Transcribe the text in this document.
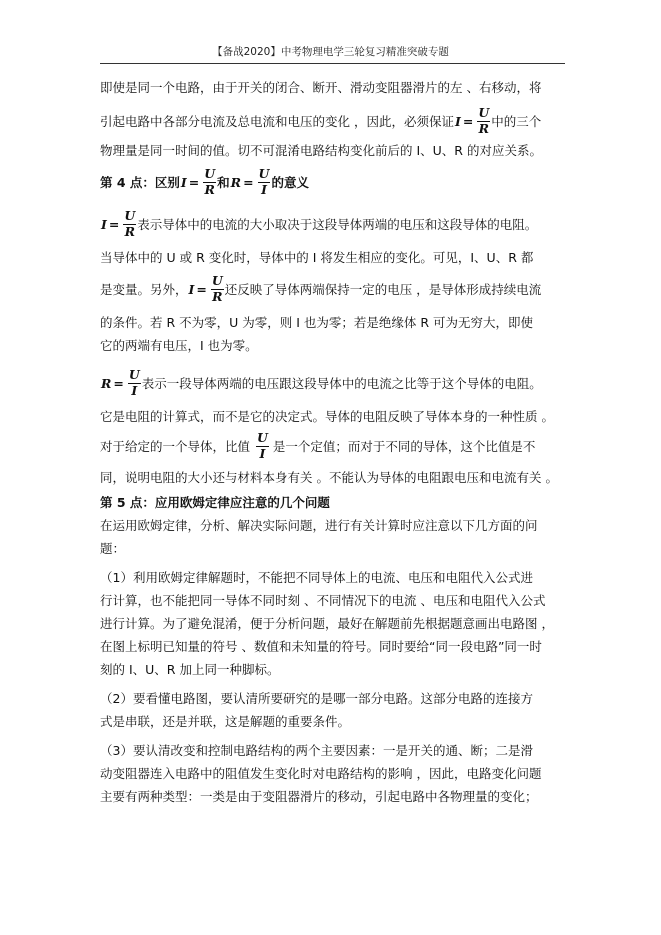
【备战2020】中考物理电学三轮复习精准突破专题

即使是同一个电路，由于开关的闭合、断开、滑动变阻器滑片的左 、右移动，将

引起电路中各部分电流及总电流和电压的变化 ，因此，必须保证 $I = \frac{U}{R}$ 中的三个

物理量是同一时间的值。切不可混淆电路结构变化前后的 I、U、R 的对应关系。

第 4 点：区别 $I = \frac{U}{R}$ 和 $R = \frac{U}{I}$ 的意义
$I = \frac{U}{R}$ 表示导体中的电流的大小取决于这段导体两端的电压和这段导体的电阻。

当导体中的 U 或 R 变化时，导体中的 I 将发生相应的变化。可见，I、U、R 都

是变量。另外， $I = \frac{U}{R}$ 还反映了导体两端保持一定的电压 ，是导体形成持续电流

的条件。若 R 不为零，U 为零，则 I 也为零；若是绝缘体 R 可为无穷大，即使

它的两端有电压，I 也为零。

$R = \frac{U}{I}$ 表示一段导体两端的电压跟这段导体中的电流之比等于这个导体的电阻。

它是电阻的计算式，而不是它的决定式。导体的电阻反映了导体本身的一种性质 。

对于给定的一个导体，比值 $\frac{U}{I}$ 是一个定值；而对于不同的导体，这个比值是不

同，说明电阻的大小还与材料本身有关 。不能认为导体的电阻跟电压和电流有关 。

第 5 点：应用欧姆定律应注意的几个问题

在运用欧姆定律，分析、解决实际问题，进行有关计算时应注意以下几方面的问

题：

（1）利用欧姆定律解题时，不能把不同导体上的电流、电压和电阻代入公式进

行计算，也不能把同一导体不同时刻 、不同情况下的电流 、电压和电阻代入公式

进行计算。为了避免混淆，便于分析问题，最好在解题前先根据题意画出电路图 ，

在图上标明已知量的符号 、数值和未知量的符号。同时要给“同一段电路”同一时

刻的 I、U、R 加上同一种脚标。

（2）要看懂电路图，要认清所要研究的是哪一部分电路。这部分电路的连接方

式是串联，还是并联，这是解题的重要条件。

（3）要认清改变和控制电路结构的两个主要因素：一是开关的通、断；二是滑

动变阻器连入电路中的阻值发生变化时对电路结构的影响 ，因此，电路变化问题

主要有两种类型：一类是由于变阻器滑片的移动，引起电路中各物理量的变化；
